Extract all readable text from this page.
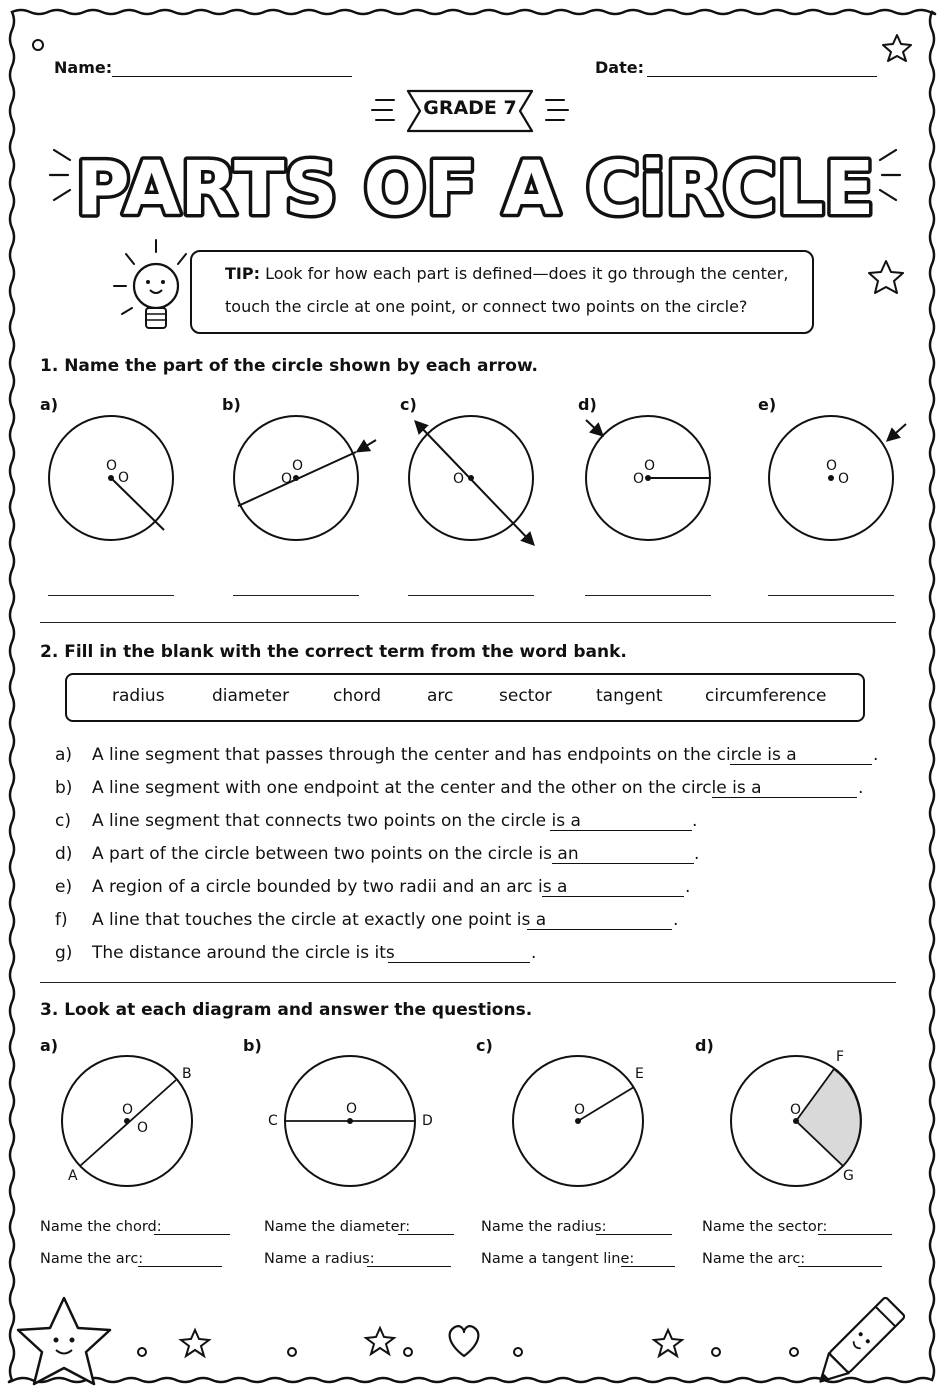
Name:	Date:
GRADE 7
PARTS OF A CiRCLE
TIP: Look for how each part is defined—does it go through the center,
touch the circle at one point, or connect two points on the circle?
1. Name the part of the circle shown by each arrow.
a)	b)	c)	d)	e)
O
O
O
O	O
O
O
O
O
2. Fill in the blank with the correct term from the word bank.
radius	diameter	chord	arc	sector	tangent circumference
a) A line segment that passes through the center and has endpoints on the circle is a	.
b) A line segment with one endpoint at the center and the other on the circle is a	.
c) A line segment that connects two points on the circle is a	.
d) A part of the circle between two points on the circle is an	.
e) A region of a circle bounded by two radii and an arc is a	.
f) A line that touches the circle at exactly one point is a	.
g) The distance around the circle is its	.
3. Look at each diagram and answer the questions.
a)	b)	c)	d)
O
O
B
A
O
C	D
O
E
O
F
G
Name the chord:
Name the arc:
Name the diameter:
Name a radius:
Name the radius:
Name a tangent line:
Name the sector:
Name the arc:
